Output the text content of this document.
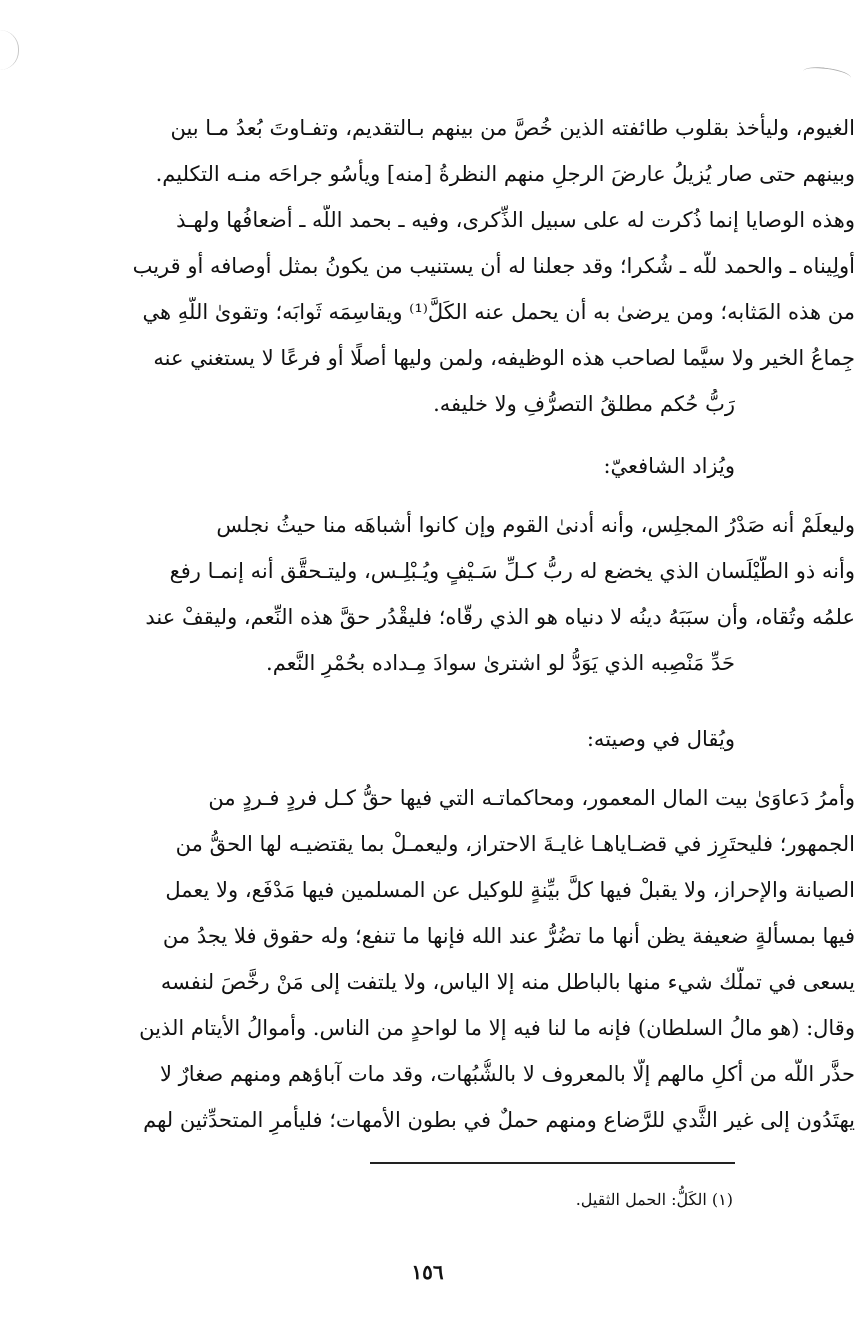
الغيوم، وليأخذ بقلوب طائفته الذين خُصَّ من بينهم بـالتقديم، وتفـاوتَ بُعدُ مـا بين
وبينهم حتى صار يُزيلُ عارضَ الرجلِ منهم النظرةُ [منه] ويأسُو جراحَه منـه التكليم.
وهذه الوصايا إنما ذُكرت له على سبيل الذِّكرى، وفيه ـ بحمد اللّه ـ أضعافُها ولهـذ
أولِيناه ـ والحمد للّه ـ شُكرا؛ وقد جعلنا له أن يستنيب من يكونُ بمثل أوصافه أو قريب
من هذه المَثابه؛ ومن يرضىٰ به أن يحمل عنه الكَلَّ⁽¹⁾ ويقاسِمَه ثَوابَه؛ وتقوىٰ اللّهِ هي
جِماعُ الخير ولا سيَّما لصاحب هذه الوظيفه، ولمن وليها أصلًا أو فرعًا لا يستغني عنه
رَبُّ حُكم مطلقُ التصرُّفِ ولا خليفه.
ويُزاد الشافعيّ:
وليعلَمْ أنه صَدْرُ المجلِس، وأنه أدنىٰ القوم وإن كانوا أشباهَه منا حيثُ نجلس
وأنه ذو الطَّيْلَسان الذي يخضع له ربُّ كـلِّ سَـيْفٍ ويُـبْلِـس، وليتـحقَّق أنه إنمـا رفع
علمُه وتُقاه، وأن سبَبَهُ دينُه لا دنياه هو الذي رقّاه؛ فليقْدُر حقَّ هذه النِّعم، وليقفْ عند
حَدِّ مَنْصِبه الذي يَوَدُّ لو اشترىٰ سوادَ مِـداده بحُمْرِ النَّعم.
ويُقال في وصيته:
وأمرُ دَعاوَىٰ بيت المال المعمور، ومحاكماتـه التي فيها حقُّ كـل فردٍ فـردٍ من
الجمهور؛ فليحتَرِز في قضـاياهـا غايـةَ الاحتراز، وليعمـلْ بما يقتضيـه لها الحقُّ من
الصيانة والإحراز، ولا يقبلْ فيها كلَّ بيِّنةٍ للوكيل عن المسلمين فيها مَدْفَع، ولا يعمل
فيها بمسألةٍ ضعيفة يظن أنها ما تضُرُّ عند الله فإنها ما تنفع؛ وله حقوق فلا يجدُ من
يسعى في تملُّك شيء منها بالباطل منه إلا الياس، ولا يلتفت إلى مَنْ رخَّصَ لنفسه
وقال: (هو مالُ السلطان) فإنه ما لنا فيه إلا ما لواحدٍ من الناس. وأموالُ الأيتام الذين
حذَّر اللّه من أكلِ مالهم إلّا بالمعروف لا بالشُّبُهات، وقد مات آباؤهم ومنهم صغارٌ لا
يهتَدُون إلى غير الثَّدي للرَّضاع ومنهم حملٌ في بطون الأمهات؛ فليأمرِ المتحدِّثين لهم
(١) الكَلُّ: الحمل الثقيل.
١٥٦
